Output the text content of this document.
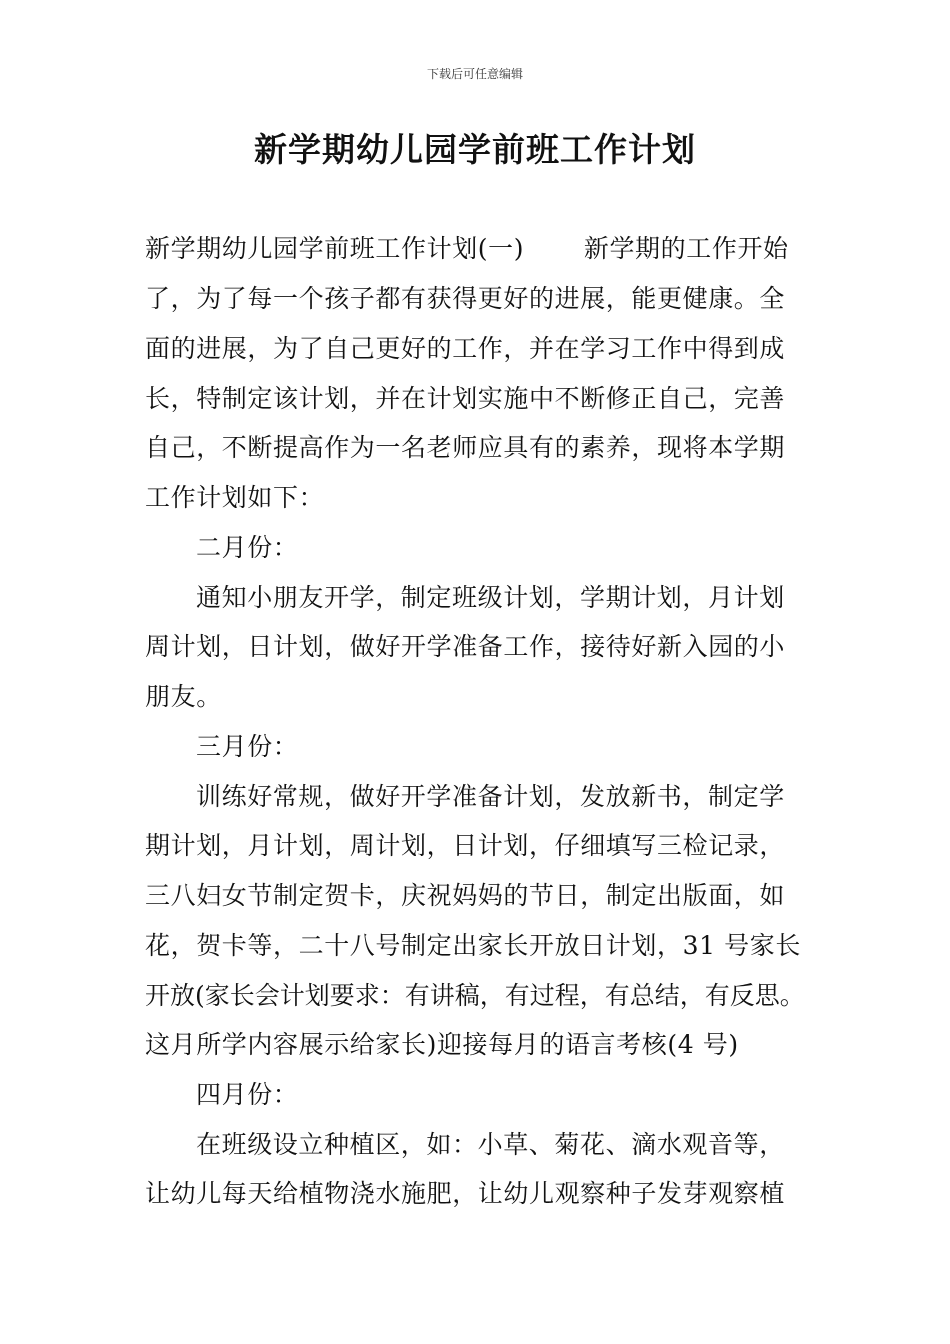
下载后可任意编辑
新学期幼儿园学前班工作计划
新学期幼儿园学前班工作计划(一)　　 新学期的工作开始
了，为了每一个孩子都有获得更好的进展，能更健康。全
面的进展，为了自己更好的工作，并在学习工作中得到成
长，特制定该计划，并在计划实施中不断修正自己，完善
自己，不断提高作为一名老师应具有的素养，现将本学期
工作计划如下：
二月份：
通知小朋友开学，制定班级计划，学期计划，月计划
周计划，日计划，做好开学准备工作，接待好新入园的小
朋友。
三月份：
训练好常规，做好开学准备计划，发放新书，制定学
期计划，月计划，周计划，日计划，仔细填写三检记录，
三八妇女节制定贺卡，庆祝妈妈的节日，制定出版面，如
花，贺卡等，二十八号制定出家长开放日计划，31 号家长
开放(家长会计划要求：有讲稿，有过程，有总结，有反思。
这月所学内容展示给家长)迎接每月的语言考核(4 号)
四月份：
在班级设立种植区，如：小草、菊花、滴水观音等，
让幼儿每天给植物浇水施肥，让幼儿观察种子发芽观察植
